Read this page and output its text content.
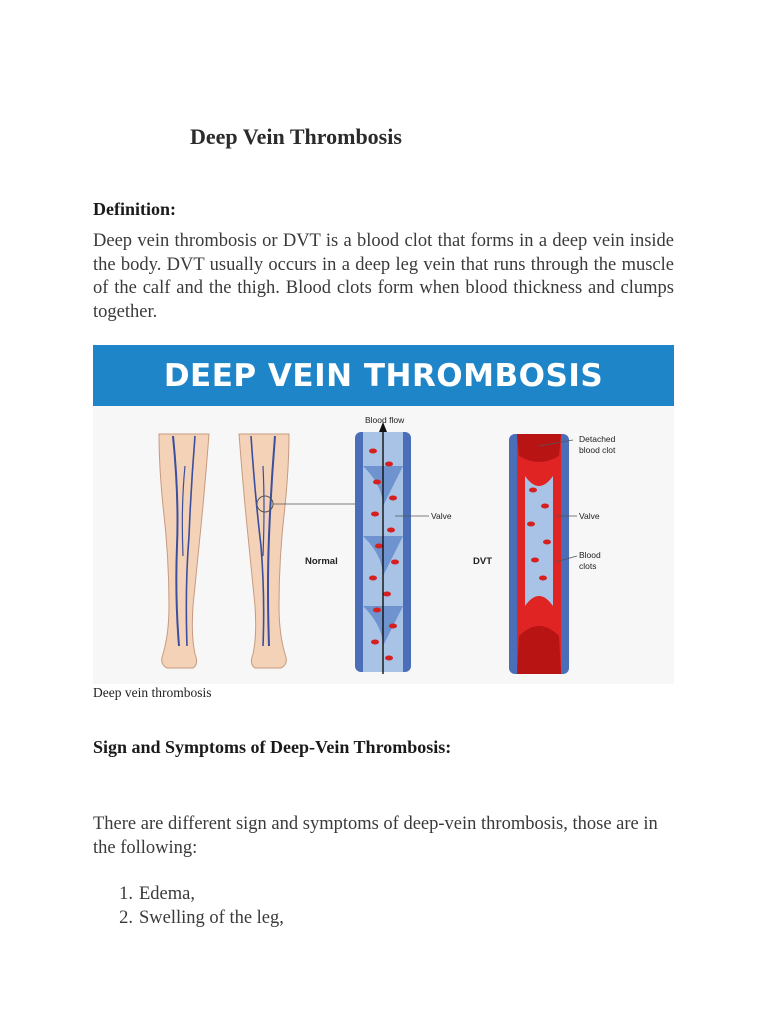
Deep Vein Thrombosis
Definition:
Deep vein thrombosis or DVT is a blood clot that forms in a deep vein inside the body. DVT usually occurs in a deep leg vein that runs through the muscle of the calf and the thigh. Blood clots form when blood thickness and clumps together.
DEEP VEIN THROMBOSIS
Blood flow
Normal	DVT
Valve
Detached
blood clot
Valve
Blood
clots
Deep vein thrombosis
Sign and Symptoms of Deep-Vein Thrombosis:
There are different sign and symptoms of deep-vein thrombosis, those are in the following:
1. Edema,
2. Swelling of the leg,
